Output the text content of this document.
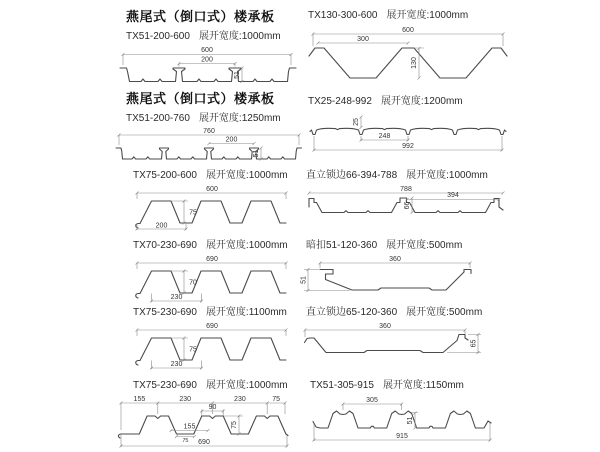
燕尾式（倒口式）楼承板
TX51-200-600 展开宽度:1000mm
600
200
51
TX130-300-600 展开宽度:1000mm
600
300
130
燕尾式（倒口式）楼承板
TX51-200-760 展开宽度:1250mm
760
200
51
TX25-248-992 展开宽度:1200mm
25
248
992
TX75-200-600 展开宽度:1000mm
600
75
200
直立锁边66-394-788 展开宽度:1000mm
788
394
66
TX70-230-690 展开宽度:1000mm
690
70
230
暗扣51-120-360 展开宽度:500mm
360
51
TX75-230-690 展开宽度:1100mm
690
75
230
直立锁边65-120-360 展开宽度:500mm
360
65
TX75-230-690 展开宽度:1000mm
155	230	230	75
90
155
75
75
690
TX51-305-915 展开宽度:1150mm
305
51
915
